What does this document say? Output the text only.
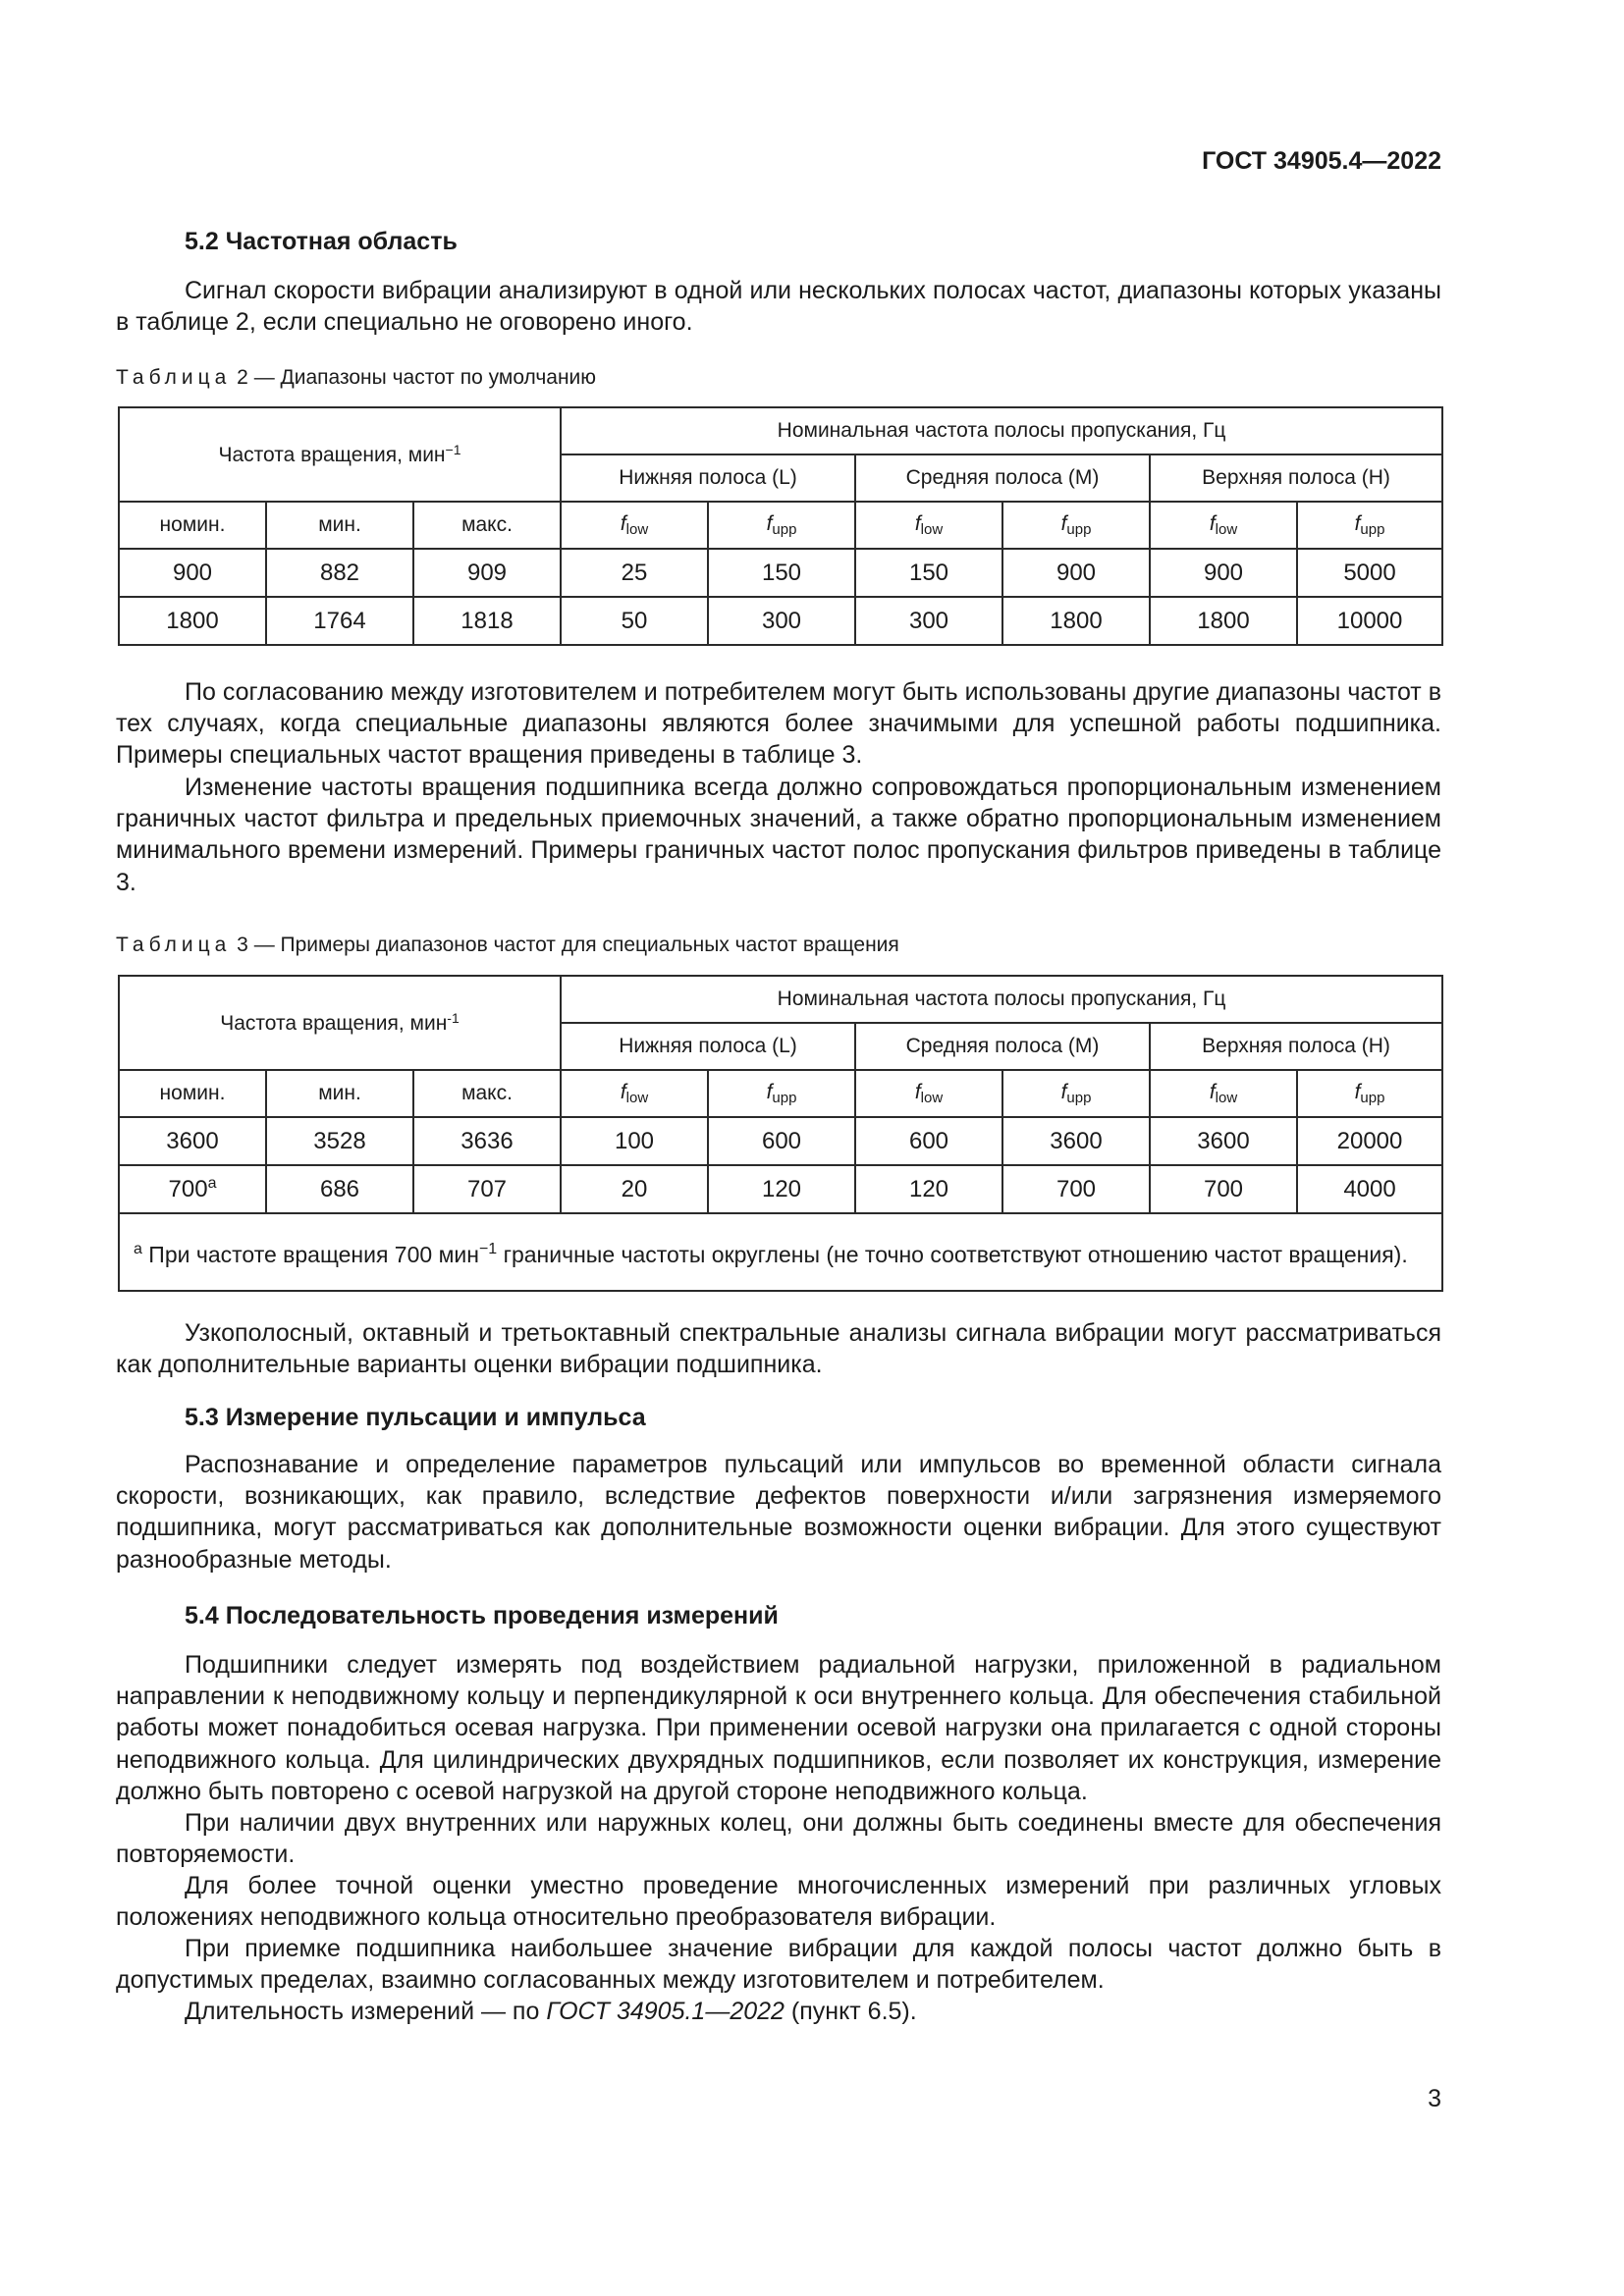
ГОСТ 34905.4—2022
5.2 Частотная область

Сигнал скорости вибрации анализируют в одной или нескольких полосах частот, диапазоны которых указаны в таблице 2, если специально не оговорено иного.

Таблица 2 — Диапазоны частот по умолчанию
Частота вращения, мин$^{-1}$			Номинальная частота полосы пропускания, Гц					
			Нижняя полоса (L)		Средняя полоса (M)		Верхняя полоса (H)	
номин.	мин.	макс.	$f_{low}$	$f_{upp}$	$f_{low}$	$f_{upp}$	$f_{low}$	$f_{upp}$
900	882	909	25	150	150	900	900	5000
1800	1764	1818	50	300	300	1800	1800	10000

По согласованию между изготовителем и потребителем могут быть использованы другие диапазоны частот в тех случаях, когда специальные диапазоны являются более значимыми для успешной работы подшипника. Примеры специальных частот вращения приведены в таблице 3.

Изменение частоты вращения подшипника всегда должно сопровождаться пропорциональным изменением граничных частот фильтра и предельных приемочных значений, а также обратно пропорциональным изменением минимального времени измерений. Примеры граничных частот полос пропускания фильтров приведены в таблице 3.

Таблица 3 — Примеры диапазонов частот для специальных частот вращения
Частота вращения, мин$^{-1}$			Номинальная частота полосы пропускания, Гц					
			Нижняя полоса (L)		Средняя полоса (M)		Верхняя полоса (H)	
номин.	мин.	макс.	$f_{low}$	$f_{upp}$	$f_{low}$	$f_{upp}$	$f_{low}$	$f_{upp}$
3600	3528	3636	100	600	600	3600	3600	20000
700$^a$	686	707	20	120	120	700	700	4000
$^a$ При частоте вращения 700 мин$^{-1}$ граничные частоты округлены (не точно соответствуют отношению частот вращения).								

Узкополосный, октавный и третьоктавный спектральные анализы сигнала вибрации могут рассматриваться как дополнительные варианты оценки вибрации подшипника.

5.3 Измерение пульсации и импульса

Распознавание и определение параметров пульсаций или импульсов во временной области сигнала скорости, возникающих, как правило, вследствие дефектов поверхности и/или загрязнения измеряемого подшипника, могут рассматриваться как дополнительные возможности оценки вибрации. Для этого существуют разнообразные методы.

5.4 Последовательность проведения измерений

Подшипники следует измерять под воздействием радиальной нагрузки, приложенной в радиальном направлении к неподвижному кольцу и перпендикулярной к оси внутреннего кольца. Для обеспечения стабильной работы может понадобиться осевая нагрузка. При применении осевой нагрузки она прилагается с одной стороны неподвижного кольца. Для цилиндрических двухрядных подшипников, если позволяет их конструкция, измерение должно быть повторено с осевой нагрузкой на другой стороне неподвижного кольца.

При наличии двух внутренних или наружных колец, они должны быть соединены вместе для обеспечения повторяемости.

Для более точной оценки уместно проведение многочисленных измерений при различных угловых положениях неподвижного кольца относительно преобразователя вибрации.

При приемке подшипника наибольшее значение вибрации для каждой полосы частот должно быть в допустимых пределах, взаимно согласованных между изготовителем и потребителем.

Длительность измерений — по ГОСТ 34905.1—2022 (пункт 6.5).

3
